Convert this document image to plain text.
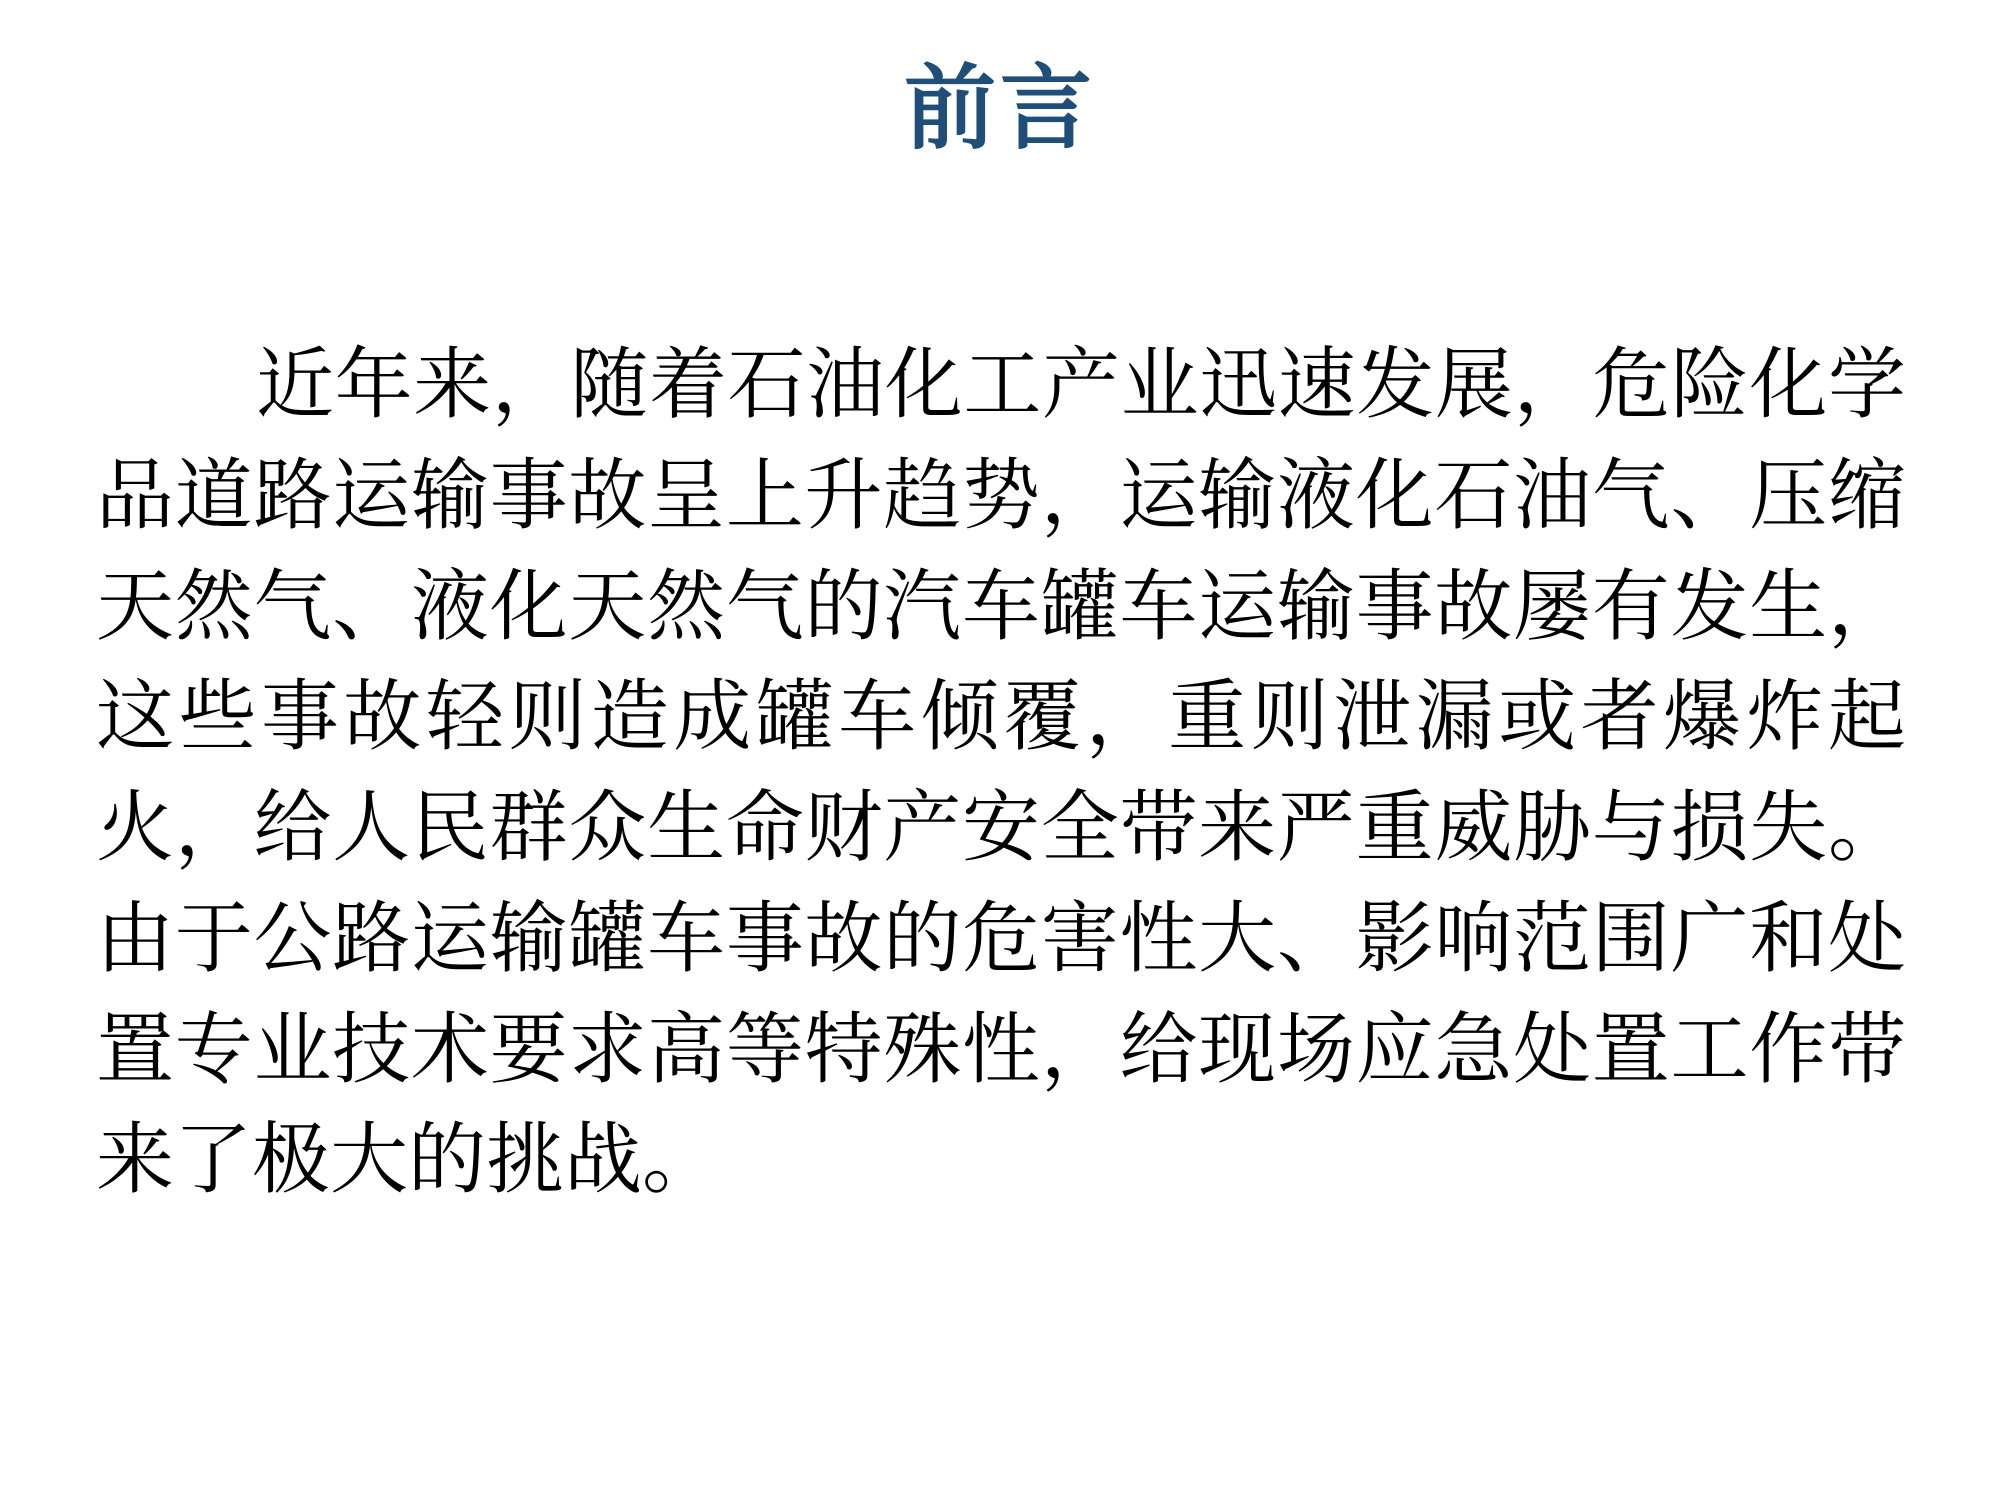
前言

近年来，随着石油化工产业迅速发展，危险化学品道路运输事故呈上升趋势，运输液化石油气、压缩天然气、液化天然气的汽车罐车运输事故屡有发生，这些事故轻则造成罐车倾覆，重则泄漏或者爆炸起火，给人民群众生命财产安全带来严重威胁与损失。由于公路运输罐车事故的危害性大、影响范围广和处置专业技术要求高等特殊性，给现场应急处置工作带来了极大的挑战。
